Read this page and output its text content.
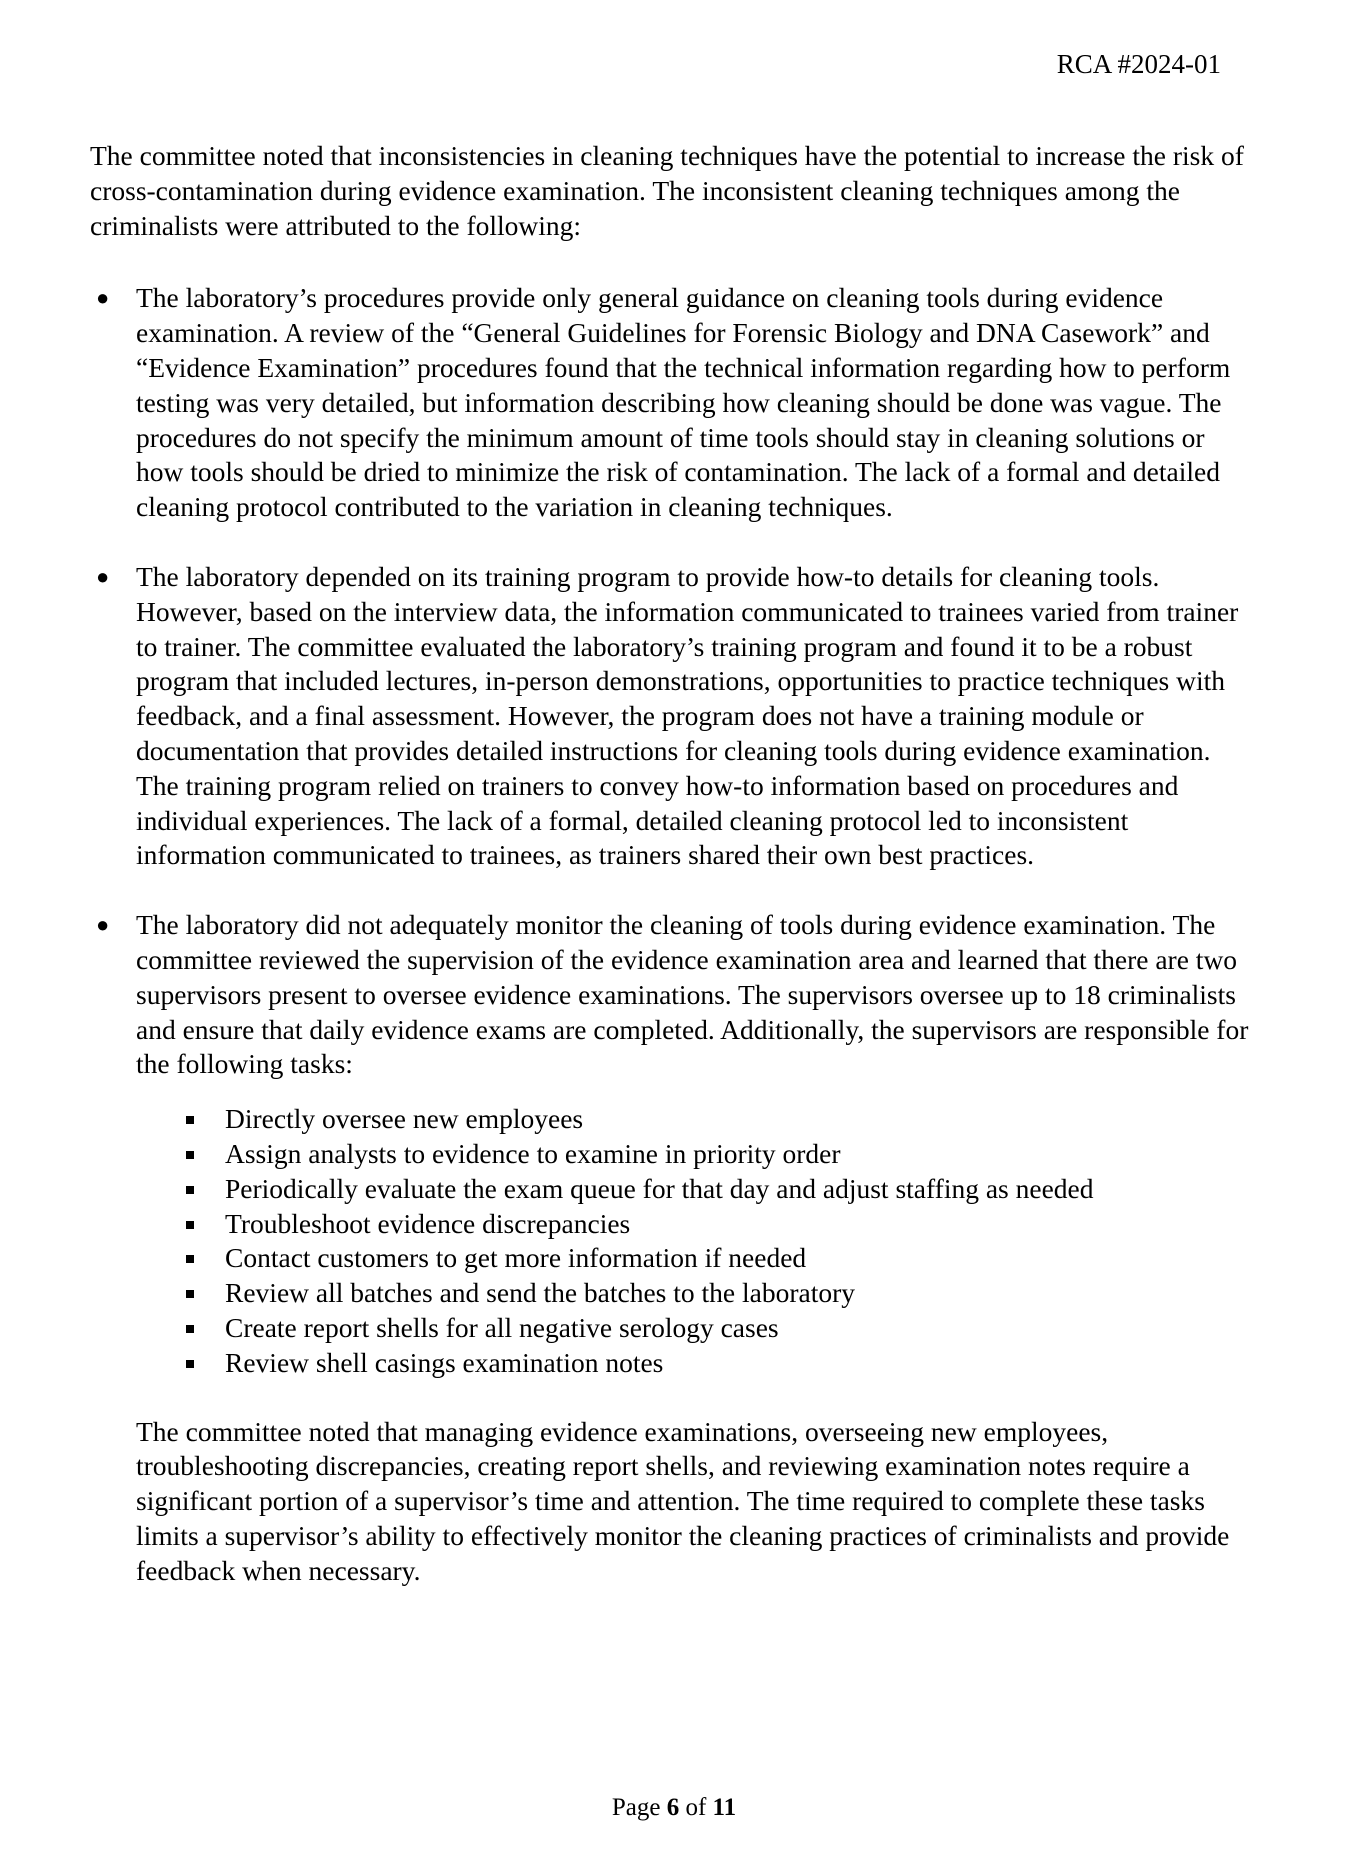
RCA #2024-01

The committee noted that inconsistencies in cleaning techniques have the potential to increase the risk of cross-contamination during evidence examination. The inconsistent cleaning techniques among the criminalists were attributed to the following:

● The laboratory’s procedures provide only general guidance on cleaning tools during evidence examination. A review of the “General Guidelines for Forensic Biology and DNA Casework” and “Evidence Examination” procedures found that the technical information regarding how to perform testing was very detailed, but information describing how cleaning should be done was vague. The procedures do not specify the minimum amount of time tools should stay in cleaning solutions or how tools should be dried to minimize the risk of contamination. The lack of a formal and detailed cleaning protocol contributed to the variation in cleaning techniques.
● The laboratory depended on its training program to provide how-to details for cleaning tools. However, based on the interview data, the information communicated to trainees varied from trainer to trainer. The committee evaluated the laboratory’s training program and found it to be a robust program that included lectures, in-person demonstrations, opportunities to practice techniques with feedback, and a final assessment. However, the program does not have a training module or documentation that provides detailed instructions for cleaning tools during evidence examination. The training program relied on trainers to convey how-to information based on procedures and individual experiences. The lack of a formal, detailed cleaning protocol led to inconsistent information communicated to trainees, as trainers shared their own best practices.
● The laboratory did not adequately monitor the cleaning of tools during evidence examination. The committee reviewed the supervision of the evidence examination area and learned that there are two supervisors present to oversee evidence examinations. The supervisors oversee up to 18 criminalists and ensure that daily evidence exams are completed. Additionally, the supervisors are responsible for the following tasks:
Directly oversee new employees
Assign analysts to evidence to examine in priority order
Periodically evaluate the exam queue for that day and adjust staffing as needed
Troubleshoot evidence discrepancies
Contact customers to get more information if needed
Review all batches and send the batches to the laboratory
Create report shells for all negative serology cases
Review shell casings examination notes

The committee noted that managing evidence examinations, overseeing new employees, troubleshooting discrepancies, creating report shells, and reviewing examination notes require a significant portion of a supervisor’s time and attention. The time required to complete these tasks limits a supervisor’s ability to effectively monitor the cleaning practices of criminalists and provide feedback when necessary.

Page 6 of 11
